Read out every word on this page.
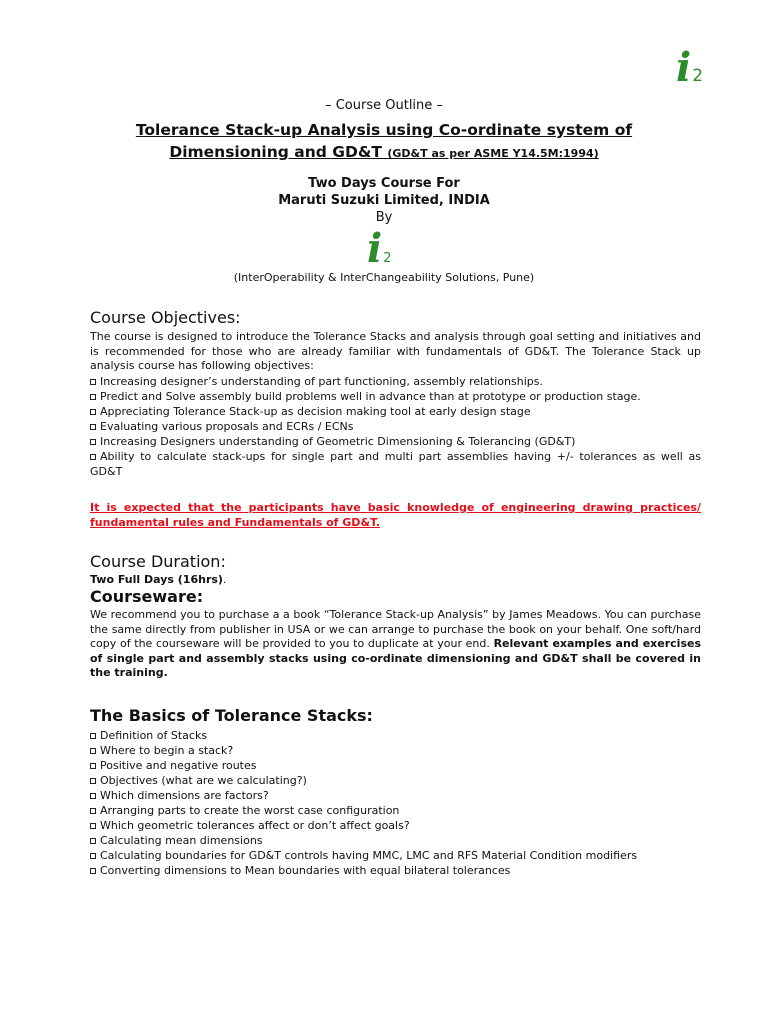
i2
– Course Outline –
Tolerance Stack-up Analysis using Co-ordinate system of Dimensioning and GD&T (GD&T as per ASME Y14.5M:1994)
Two Days Course For
Maruti Suzuki Limited, INDIA
By
i2
(InterOperability & InterChangeability Solutions, Pune)
Course Objectives:
The course is designed to introduce the Tolerance Stacks and analysis through goal setting and initiatives and is recommended for those who are already familiar with fundamentals of GD&T. The Tolerance Stack up analysis course has following objectives:
Increasing designer’s understanding of part functioning, assembly relationships.
Predict and Solve assembly build problems well in advance than at prototype or production stage.
Appreciating Tolerance Stack-up as decision making tool at early design stage
Evaluating various proposals and ECRs / ECNs
Increasing Designers understanding of Geometric Dimensioning & Tolerancing (GD&T)
Ability to calculate stack-ups for single part and multi part assemblies having +/- tolerances as well as GD&T
It is expected that the participants have basic knowledge of engineering drawing practices/ fundamental rules and Fundamentals of GD&T.
Course Duration:
Two Full Days (16hrs).
Courseware:
We recommend you to purchase a a book “Tolerance Stack-up Analysis” by James Meadows. You can purchase the same directly from publisher in USA or we can arrange to purchase the book on your behalf. One soft/hard copy of the courseware will be provided to you to duplicate at your end. Relevant examples and exercises of single part and assembly stacks using co-ordinate dimensioning and GD&T shall be covered in the training.
The Basics of Tolerance Stacks:
Definition of Stacks
Where to begin a stack?
Positive and negative routes
Objectives (what are we calculating?)
Which dimensions are factors?
Arranging parts to create the worst case configuration
Which geometric tolerances affect or don’t affect goals?
Calculating mean dimensions
Calculating boundaries for GD&T controls having MMC, LMC and RFS Material Condition modifiers
Converting dimensions to Mean boundaries with equal bilateral tolerances
